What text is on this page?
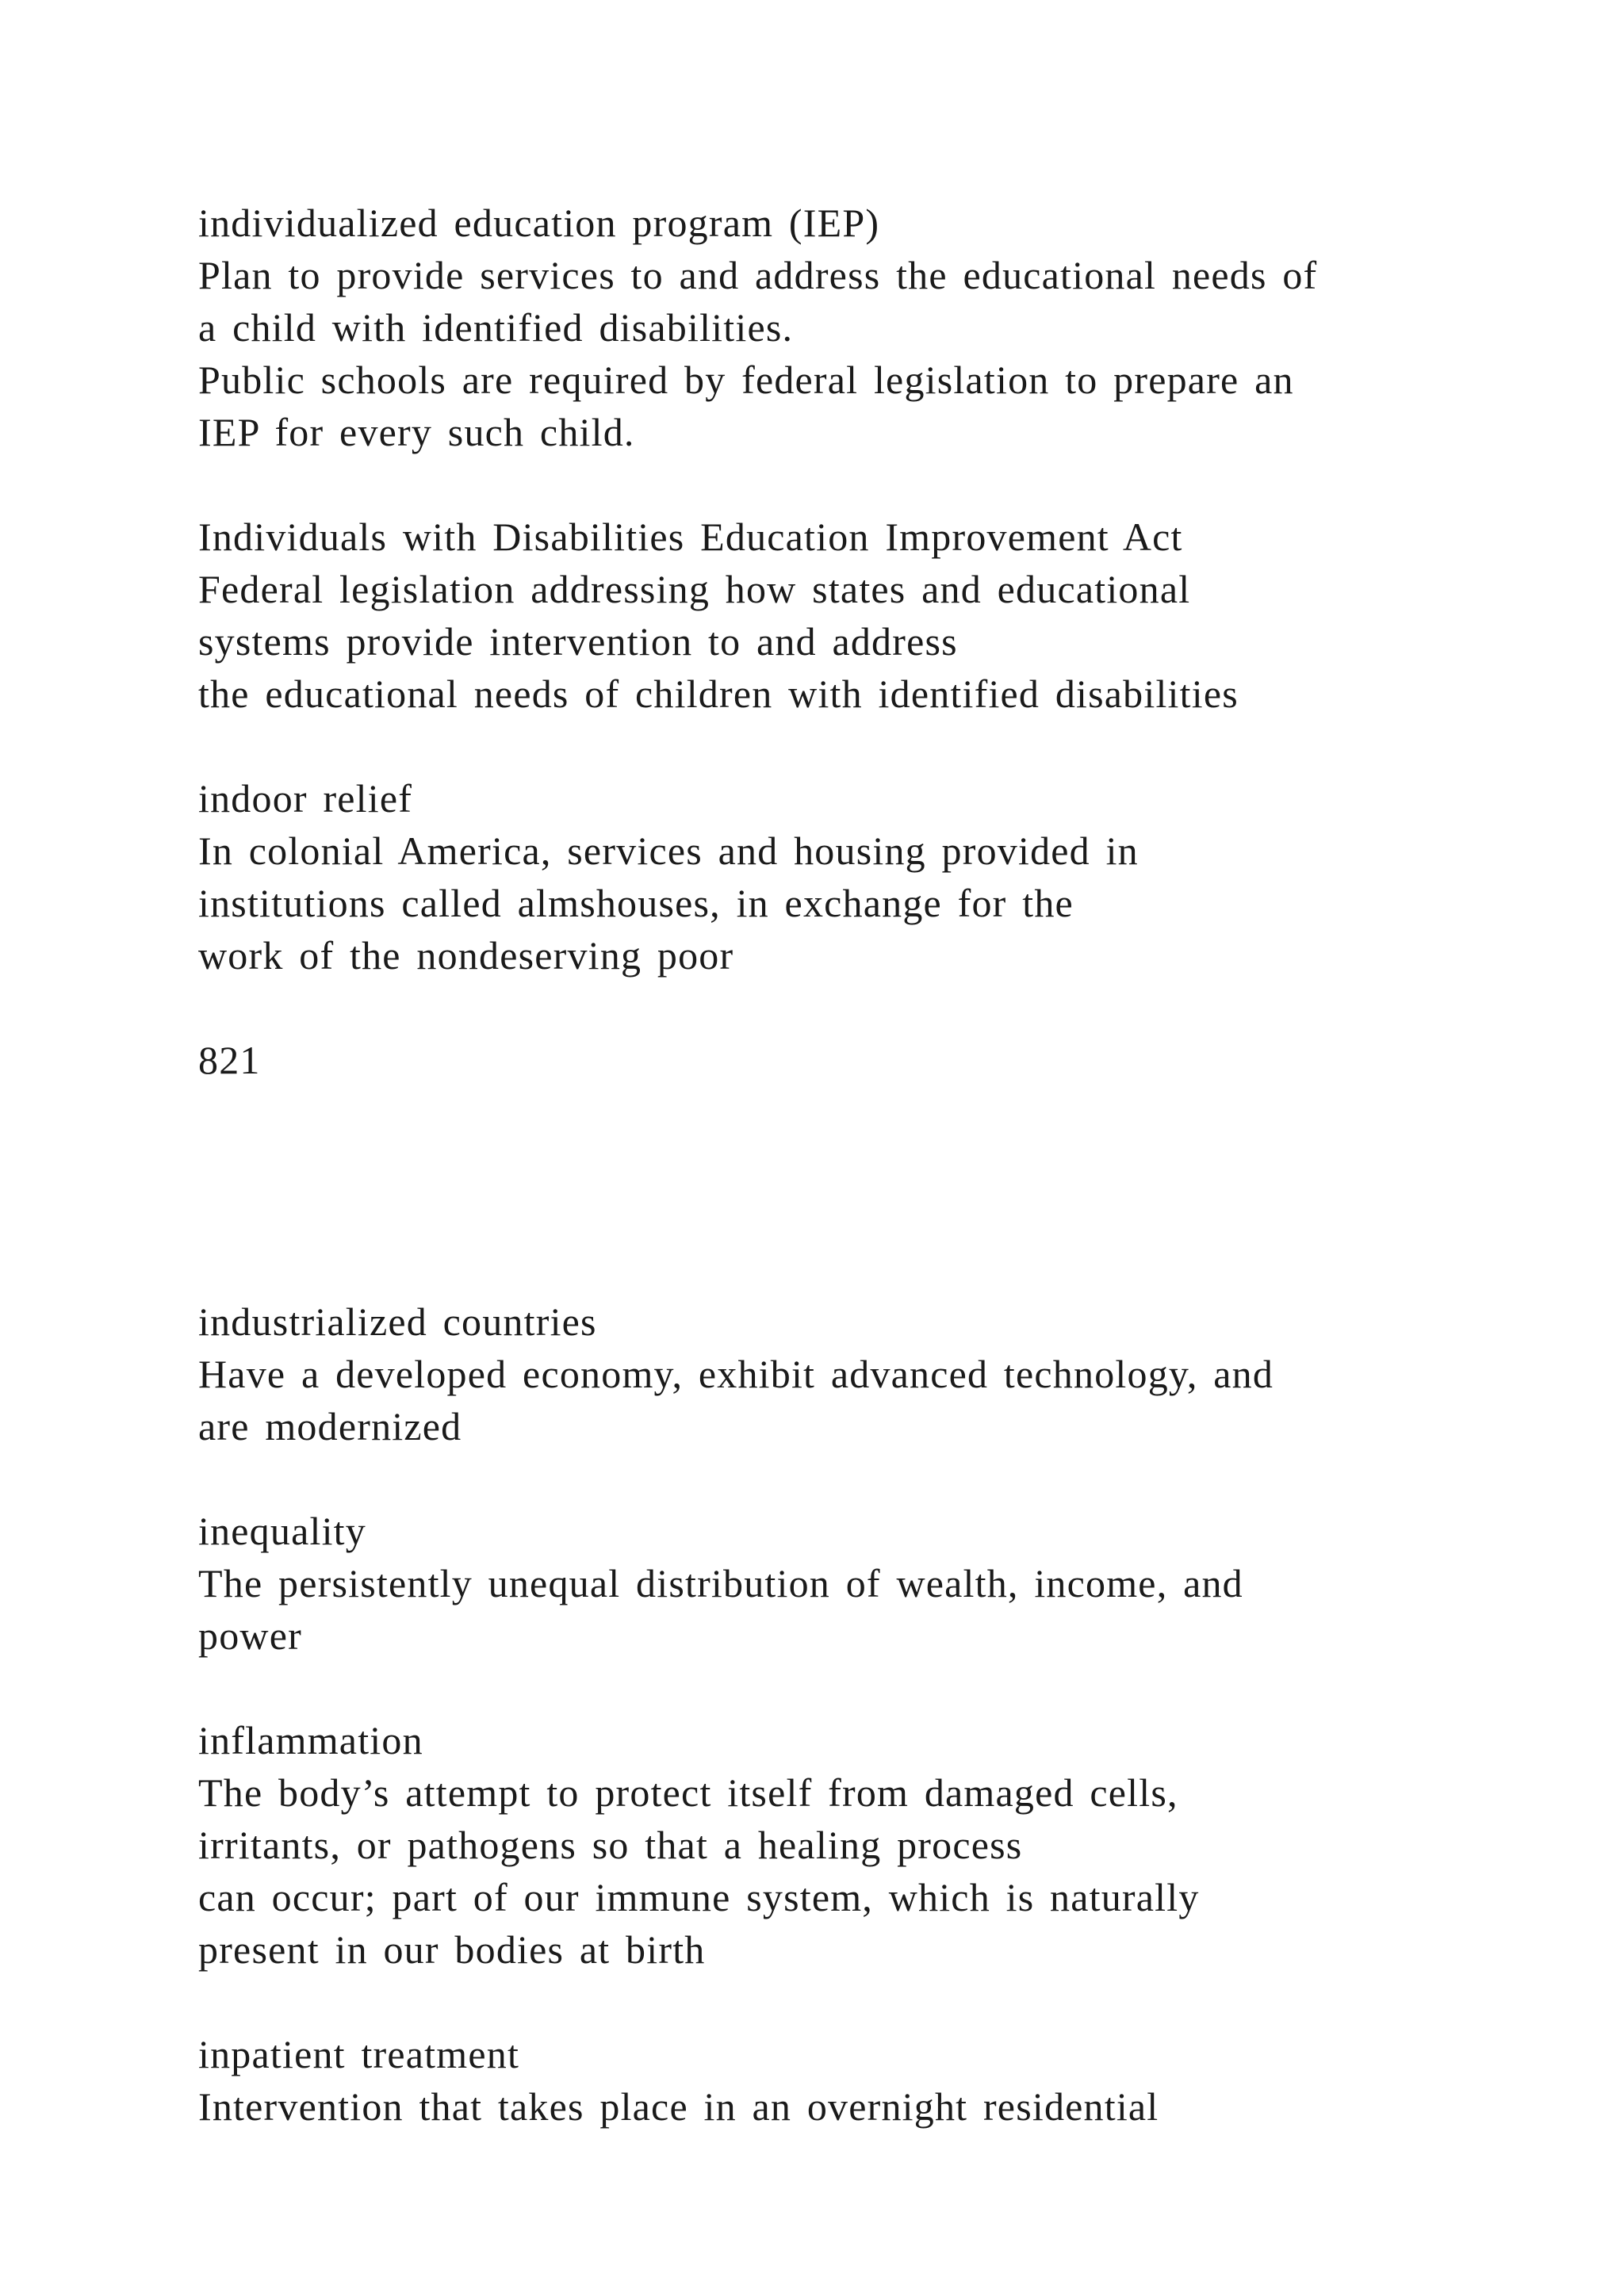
individualized education program (IEP)
Plan to provide services to and address the educational needs of
a child with identified disabilities.
Public schools are required by federal legislation to prepare an
IEP for every such child.
Individuals with Disabilities Education Improvement Act
Federal legislation addressing how states and educational
systems provide intervention to and address
the educational needs of children with identified disabilities
indoor relief
In colonial America, services and housing provided in
institutions called almshouses, in exchange for the
work of the nondeserving poor
821
industrialized countries
Have a developed economy, exhibit advanced technology, and
are modernized
inequality
The persistently unequal distribution of wealth, income, and
power
inflammation
The body’s attempt to protect itself from damaged cells,
irritants, or pathogens so that a healing process
can occur; part of our immune system, which is naturally
present in our bodies at birth
inpatient treatment
Intervention that takes place in an overnight residential
